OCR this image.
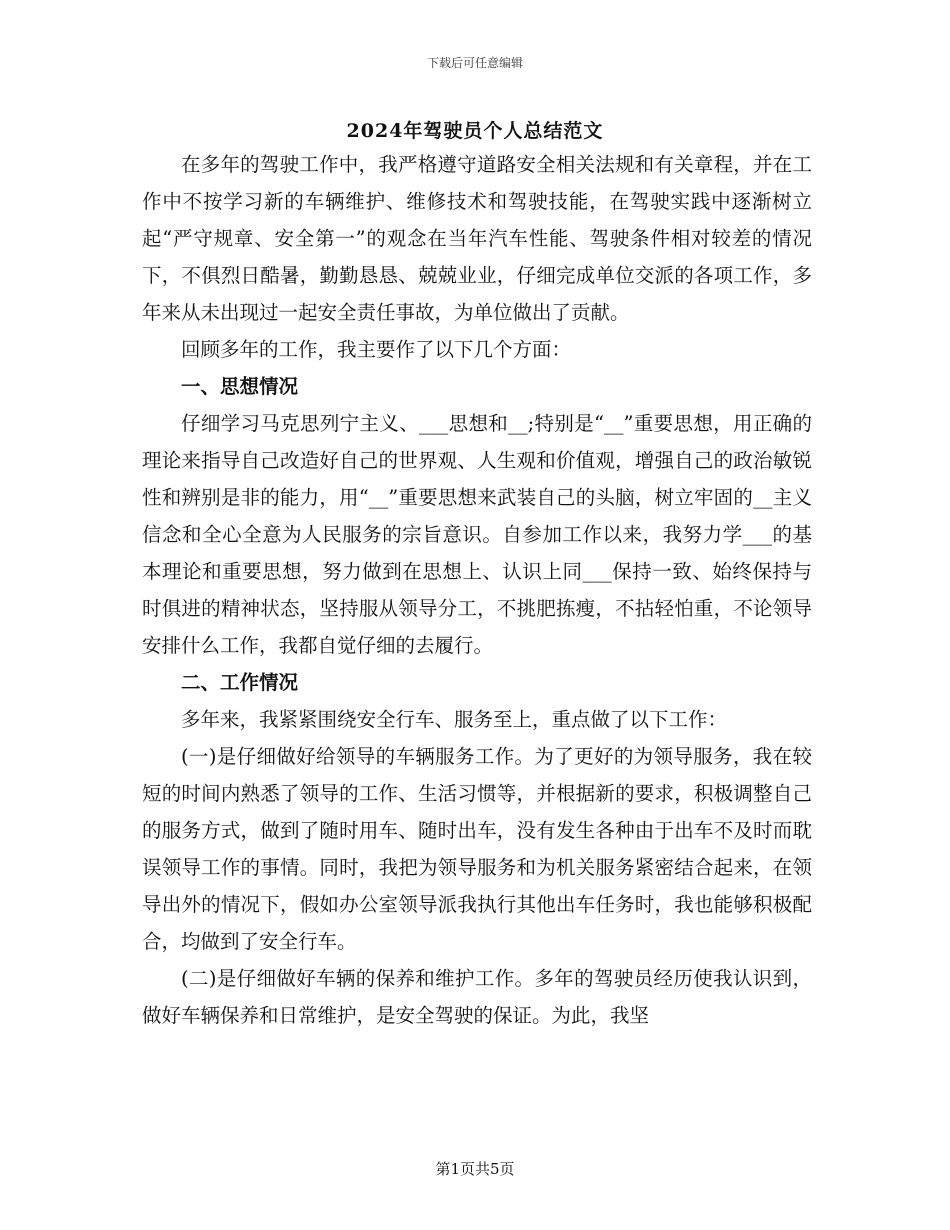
下载后可任意编辑
2024年驾驶员个人总结范文

在多年的驾驶工作中，我严格遵守道路安全相关法规和有关章程，并在工作中不按学习新的车辆维护、维修技术和驾驶技能，在驾驶实践中逐渐树立起“严守规章、安全第一”的观念在当年汽车性能、驾驶条件相对较差的情况下，不俱烈日酷暑，勤勤恳恳、兢兢业业，仔细完成单位交派的各项工作，多年来从未出现过一起安全责任事故，为单位做出了贡献。

回顾多年的工作，我主要作了以下几个方面：

一、思想情况

仔细学习马克思列宁主义、___思想和__;特别是“__”重要思想，用正确的理论来指导自己改造好自己的世界观、人生观和价值观，增强自己的政治敏锐性和辨别是非的能力，用“__”重要思想来武装自己的头脑，树立牢固的__主义信念和全心全意为人民服务的宗旨意识。自参加工作以来，我努力学___的基本理论和重要思想，努力做到在思想上、认识上同___保持一致、始终保持与时俱进的精神状态，坚持服从领导分工，不挑肥拣瘦，不拈轻怕重，不论领导安排什么工作，我都自觉仔细的去履行。

二、工作情况

多年来，我紧紧围绕安全行车、服务至上，重点做了以下工作：

(一)是仔细做好给领导的车辆服务工作。为了更好的为领导服务，我在较短的时间内熟悉了领导的工作、生活习惯等，并根据新的要求，积极调整自己的服务方式，做到了随时用车、随时出车，没有发生各种由于出车不及时而耽误领导工作的事情。同时，我把为领导服务和为机关服务紧密结合起来，在领导出外的情况下，假如办公室领导派我执行其他出车任务时，我也能够积极配合，均做到了安全行车。

(二)是仔细做好车辆的保养和维护工作。多年的驾驶员经历使我认识到，做好车辆保养和日常维护，是安全驾驶的保证。为此，我坚

第1页共5页
